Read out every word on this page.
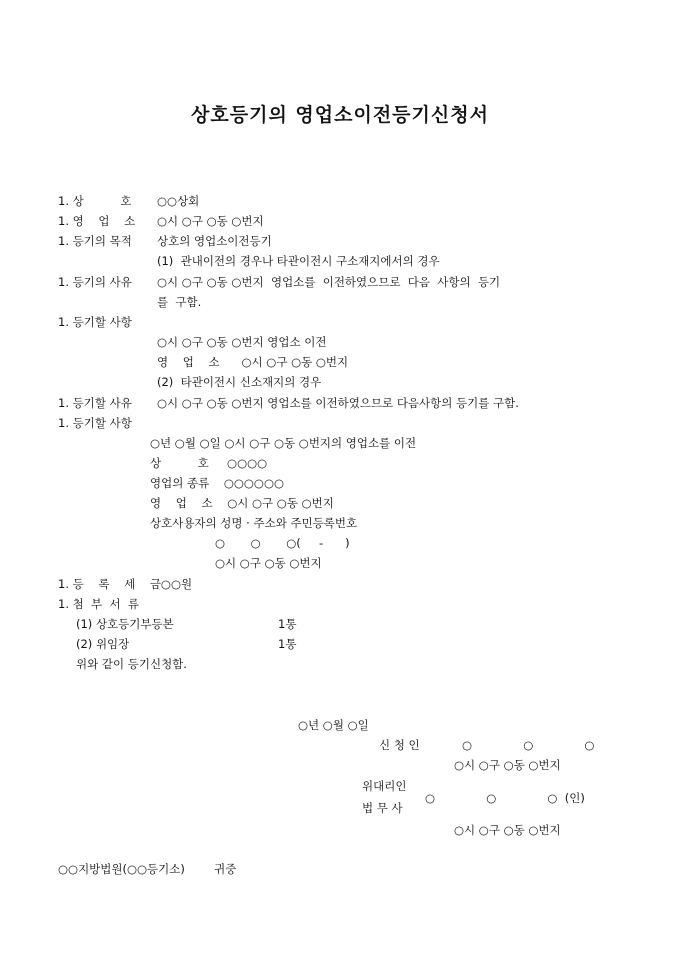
상호등기의 영업소이전등기신청서
1. 상          호 ○○상회
1. 영    업    소 ○시 ○구 ○동 ○번지
1. 등기의 목적 상호의 영업소이전등기
(1)  관내이전의 경우나 타관이전시 구소재지에서의 경우
1. 등기의 사유 ○시 ○구 ○동 ○번지  영업소를  이전하였으므로  다음  사항의  등기
를  구함.
1. 등기할 사항
○시 ○구 ○동 ○번지 영업소 이전
영    업    소      ○시 ○구 ○동 ○번지
(2)  타관이전시 신소재지의 경우
1. 등기할 사유 ○시 ○구 ○동 ○번지 영업소를 이전하였으므로 다음사항의 등기를 구함.
1. 등기할 사항
○년 ○월 ○일 ○시 ○구 ○동 ○번지의 영업소를 이전
상          호     ○○○○
영업의 종류    ○○○○○○
영    업    소    ○시 ○구 ○동 ○번지
상호사용자의 성명 · 주소와 주민등록번호
○       ○       ○(     -      )
○시 ○구 ○동 ○번지
1. 등    록    세    금○○원
1. 첨  부  서  류
(1) 상호등기부등본	1통
(2) 위임장	1통
위와 같이 등기신청함.
○년 ○월 ○일
신 청 인	○              ○              ○
○시 ○구 ○동 ○번지
위대리인
○              ○              ○  (인)
법 무 사
○시 ○구 ○동 ○번지
○○지방법원(○○등기소)        귀중
